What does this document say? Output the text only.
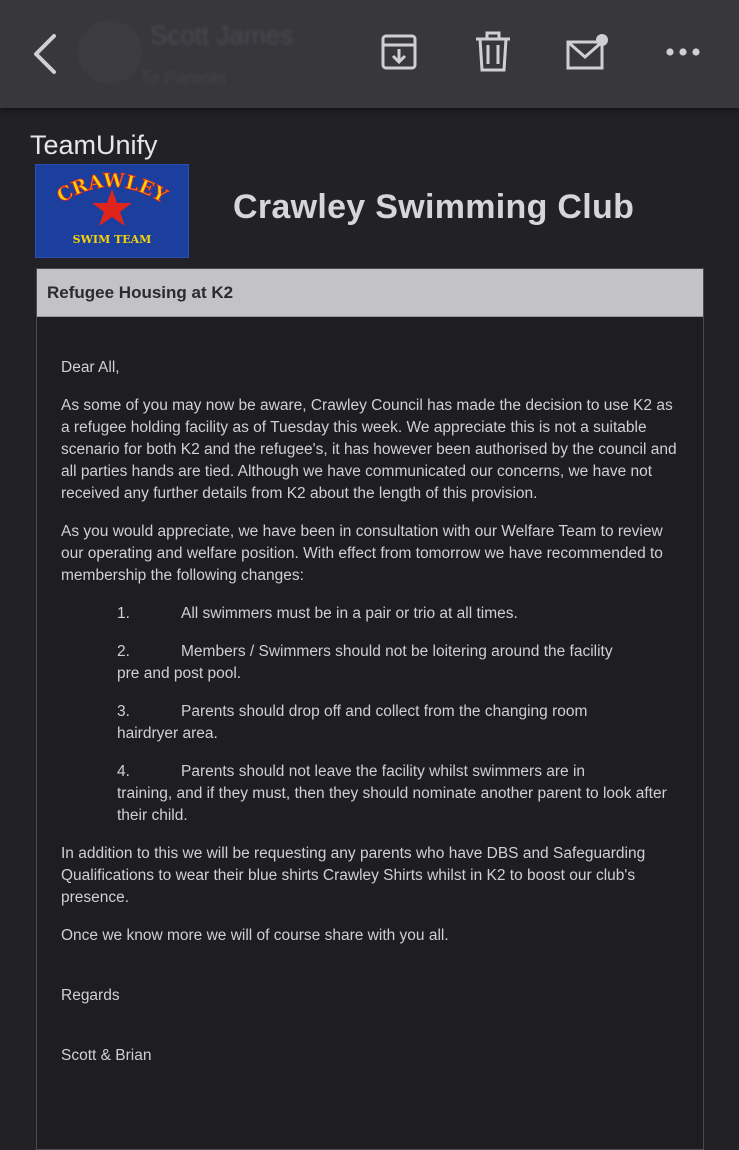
Scott James
To Parents
TeamUnify
CRAWLEY
SWIM TEAM
Crawley Swimming Club
Refugee Housing at K2

Dear All,

As some of you may now be aware, Crawley Council has made the decision to use K2 as a refugee holding facility as of Tuesday this week. We appreciate this is not a suitable scenario for both K2 and the refugee's, it has however been authorised by the council and all parties hands are tied. Although we have communicated our concerns, we have not received any further details from K2 about the length of this provision.

As you would appreciate, we have been in consultation with our Welfare Team to review our operating and welfare position. With effect from tomorrow we have recommended to membership the following changes:

1.	All swimmers must be in a pair or trio at all times.
2.	Members / Swimmers should not be loitering around the facility
pre and post pool.
3.	Parents should drop off and collect from the changing room
hairdryer area.
4.	Parents should not leave the facility whilst swimmers are in
training, and if they must, then they should nominate another parent to look after their child.

In addition to this we will be requesting any parents who have DBS and Safeguarding Qualifications to wear their blue shirts Crawley Shirts whilst in K2 to boost our club's presence.

Once we know more we will of course share with you all.

Regards

Scott & Brian
